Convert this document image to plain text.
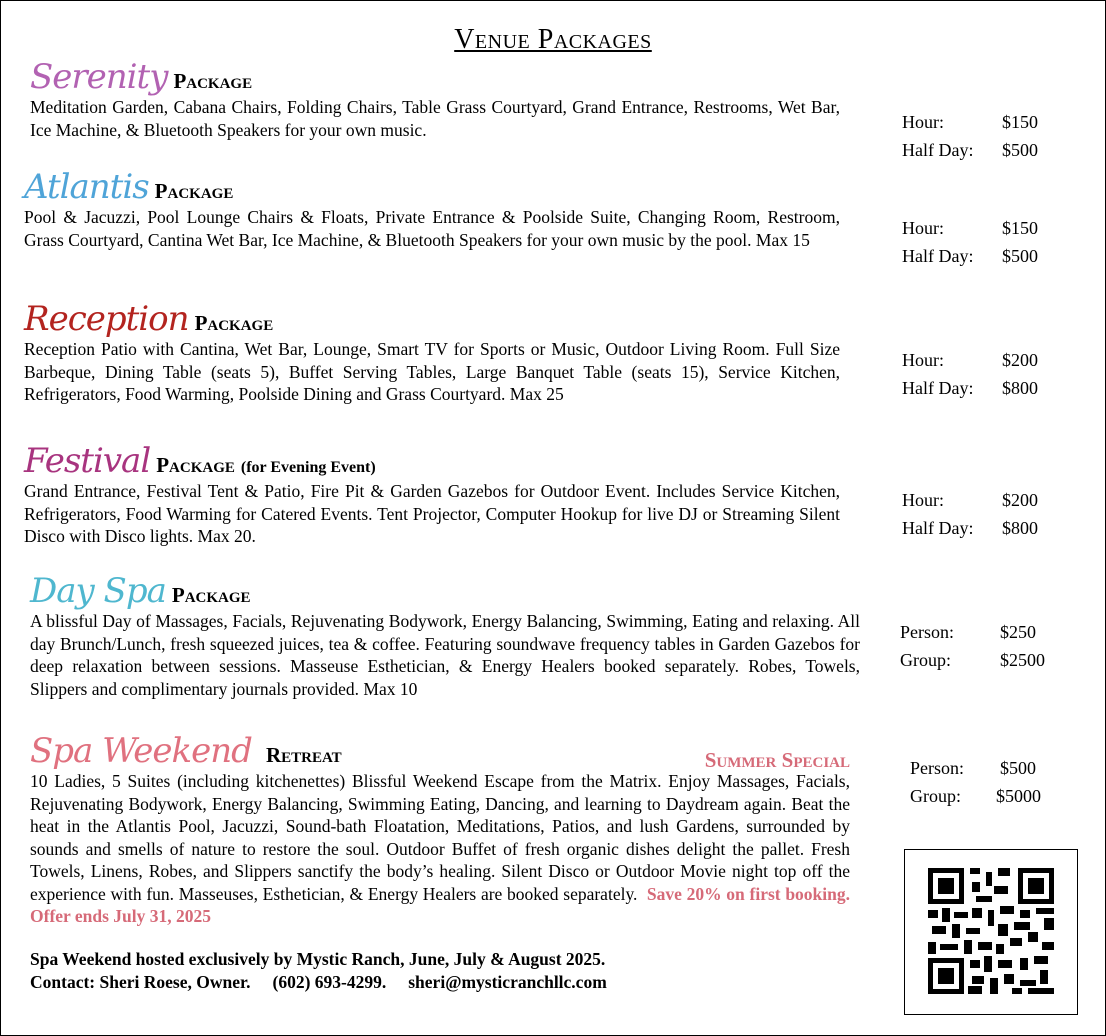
Venue Packages
Serenity Package
Meditation Garden, Cabana Chairs, Folding Chairs, Table Grass Courtyard, Grand Entrance, Restrooms, Wet Bar, Ice Machine, & Bluetooth Speakers for your own music.	Hour:	$150
Half Day:	$500
Atlantis Package
Pool & Jacuzzi, Pool Lounge Chairs & Floats, Private Entrance & Poolside Suite, Changing Room, Restroom, Grass Courtyard, Cantina Wet Bar, Ice Machine, & Bluetooth Speakers for your own music by the pool. Max 15
Hour:	$150
Half Day:	$500
Reception Package
Reception Patio with Cantina, Wet Bar, Lounge, Smart TV for Sports or Music, Outdoor Living Room. Full Size Barbeque, Dining Table (seats 5), Buffet Serving Tables, Large Banquet Table (seats 15), Service Kitchen, Refrigerators, Food Warming, Poolside Dining and Grass Courtyard. Max 25
Hour:	$200
Half Day:	$800
Festival Package (for Evening Event)
Grand Entrance, Festival Tent & Patio, Fire Pit & Garden Gazebos for Outdoor Event. Includes Service Kitchen, Refrigerators, Food Warming for Catered Events. Tent Projector, Computer Hookup for live DJ or Streaming Silent Disco with Disco lights. Max 20.
Hour:	$200
Half Day:	$800
Day Spa Package
A blissful Day of Massages, Facials, Rejuvenating Bodywork, Energy Balancing, Swimming, Eating and relaxing. All day Brunch/Lunch, fresh squeezed juices, tea & coffee. Featuring soundwave frequency tables in Garden Gazebos for deep relaxation between sessions. Masseuse Esthetician, & Energy Healers booked separately. Robes, Towels, Slippers and complimentary journals provided. Max 10
Person:	$250
Group:	$2500
Spa Weekend Retreat	Summer Special
10 Ladies, 5 Suites (including kitchenettes) Blissful Weekend Escape from the Matrix. Enjoy Massages, Facials, Rejuvenating Bodywork, Energy Balancing, Swimming Eating, Dancing, and learning to Daydream again. Beat the heat in the Atlantis Pool, Jacuzzi, Sound-bath Floatation, Meditations, Patios, and lush Gardens, surrounded by sounds and smells of nature to restore the soul. Outdoor Buffet of fresh organic dishes delight the pallet. Fresh Towels, Linens, Robes, and Slippers sanctify the body’s healing. Silent Disco or Outdoor Movie night top off the experience with fun. Masseuses, Esthetician, & Energy Healers are booked separately. Save 20% on first booking. Offer ends July 31, 2025
Person:	$500
Group:	$5000
Spa Weekend hosted exclusively by Mystic Ranch, June, July & August 2025.
Contact: Sheri Roese, Owner. (602) 693-4299. sheri@mysticranchllc.com
